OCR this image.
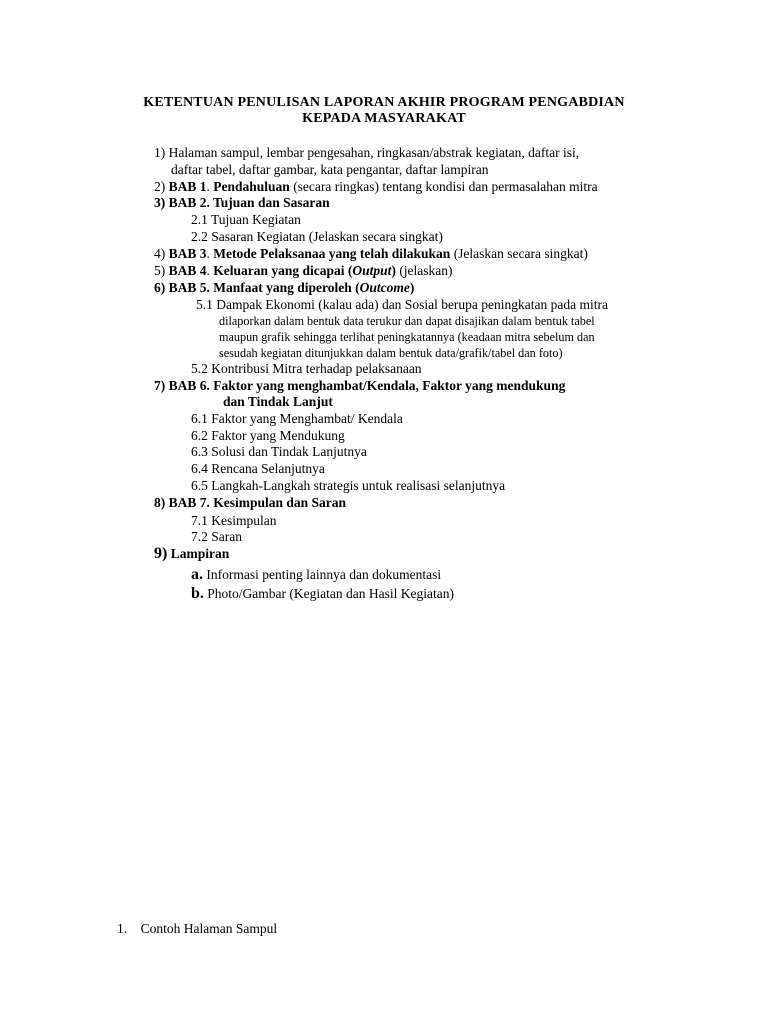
KETENTUAN PENULISAN LAPORAN AKHIR PROGRAM PENGABDIAN
KEPADA MASYARAKAT
1) Halaman sampul, lembar pengesahan, ringkasan/abstrak kegiatan, daftar isi,
daftar tabel, daftar gambar, kata pengantar, daftar lampiran
2) BAB 1. Pendahuluan (secara ringkas) tentang kondisi dan permasalahan mitra
3) BAB 2. Tujuan dan Sasaran
2.1 Tujuan Kegiatan
2.2 Sasaran Kegiatan (Jelaskan secara singkat)
4) BAB 3. Metode Pelaksanaa yang telah dilakukan (Jelaskan secara singkat)
5) BAB 4. Keluaran yang dicapai (Output) (jelaskan)
6) BAB 5. Manfaat yang diperoleh (Outcome)
5.1 Dampak Ekonomi (kalau ada) dan Sosial berupa peningkatan pada mitra
dilaporkan dalam bentuk data terukur dan dapat disajikan dalam bentuk tabel
maupun grafik sehingga terlihat peningkatannya (keadaan mitra sebelum dan
sesudah kegiatan ditunjukkan dalam bentuk data/grafik/tabel dan foto)
5.2 Kontribusi Mitra terhadap pelaksanaan
7) BAB 6. Faktor yang menghambat/Kendala, Faktor yang mendukung
dan Tindak Lanjut
6.1 Faktor yang Menghambat/ Kendala
6.2 Faktor yang Mendukung
6.3 Solusi dan Tindak Lanjutnya
6.4 Rencana Selanjutnya
6.5 Langkah-Langkah strategis untuk realisasi selanjutnya
8) BAB 7. Kesimpulan dan Saran
7.1 Kesimpulan
7.2 Saran
9) Lampiran
a. Informasi penting lainnya dan dokumentasi
b. Photo/Gambar (Kegiatan dan Hasil Kegiatan)
1. Contoh Halaman Sampul
